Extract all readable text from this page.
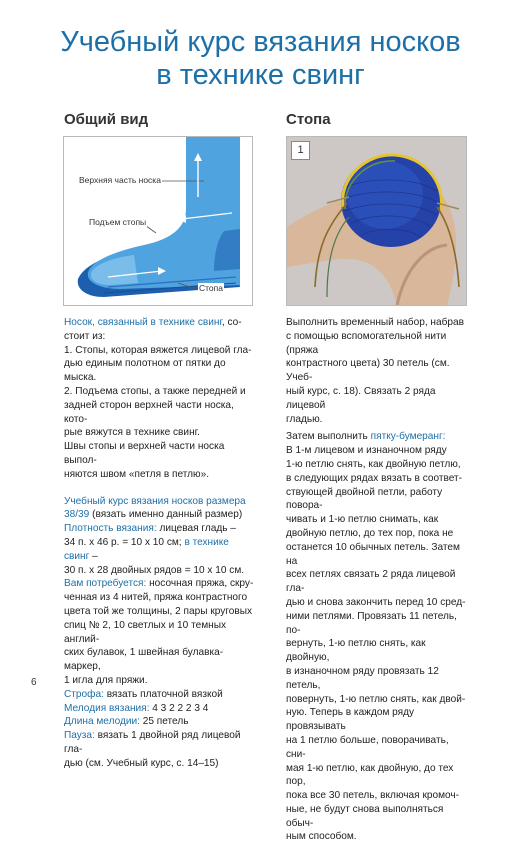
Учебный курс вязания носков
в технике свинг
Общий вид	Стопа
Верхняя часть носка
Подъем стопы
Стопа
1

Носок, связанный в технике свинг, со-

стоит из:

1. Стопы, которая вяжется лицевой гла-

дью единым полотном от пятки до мыска.

2. Подъема стопы, а также передней и

задней сторон верхней части носка, кото-

рые вяжутся в технике свинг.

Швы стопы и верхней части носка выпол-

няются швом «петля в петлю».

Учебный курс вязания носков размера

38/39 (вязать именно данный размер)

Плотность вязания: лицевая гладь –

34 п. х 46 р. = 10 х 10 см; в технике свинг –

30 п. х 28 двойных рядов = 10 х 10 см.

Вам потребуется: носочная пряжа, скру-

ченная из 4 нитей, пряжа контрастного

цвета той же толщины, 2 пары круговых

спиц № 2, 10 светлых и 10 темных англий-

ских булавок, 1 швейная булавка-маркер,

1 игла для пряжи.

Строфа: вязать платочной вязкой

Мелодия вязания: 4 3 2 2 2 3 4

Длина мелодии: 25 петель

Пауза: вязать 1 двойной ряд лицевой гла-

дью (см. Учебный курс, с. 14–15)

Выполнить временный набор, набрав

с помощью вспомогательной нити (пряжа

контрастного цвета) 30 петель (см. Учеб-

ный курс, с. 18). Связать 2 ряда лицевой

гладью.

Затем выполнить пятку-бумеранг:

В 1-м лицевом и изнаночном ряду

1-ю петлю снять, как двойную петлю,

в следующих рядах вязать в соответ-

ствующей двойной петли, работу повора-

чивать и 1-ю петлю снимать, как

двойную петлю, до тех пор, пока не

останется 10 обычных петель. Затем на

всех петлях связать 2 ряда лицевой гла-

дью и снова закончить перед 10 сред-

ними петлями. Провязать 11 петель, по-

вернуть, 1-ю петлю снять, как двойную,

в изнаночном ряду провязать 12 петель,

повернуть, 1-ю петлю снять, как двой-

ную. Теперь в каждом ряду провязывать

на 1 петлю больше, поворачивать, сни-

мая 1-ю петлю, как двойную, до тех пор,

пока все 30 петель, включая кромоч-

ные, не будут снова выполняться обыч-

ным способом.

6
